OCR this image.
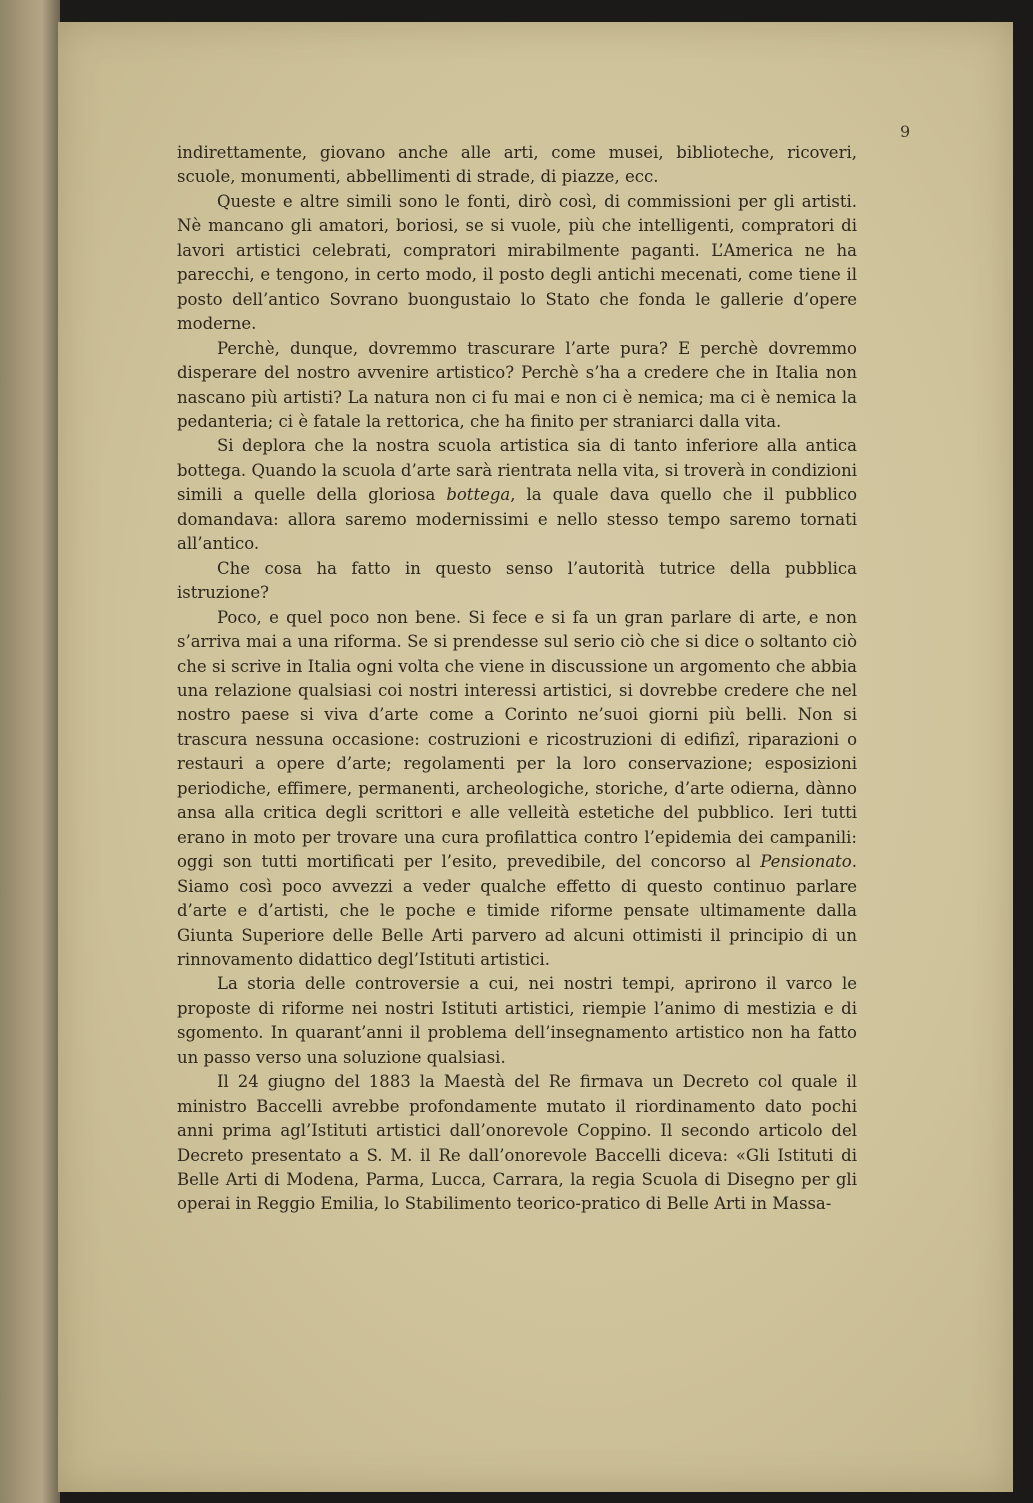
9

indirettamente, giovano anche alle arti, come musei, biblioteche, ricoveri, scuole, monumenti, abbellimenti di strade, di piazze, ecc.

Queste e altre simili sono le fonti, dirò così, di commissioni per gli artisti. Nè mancano gli amatori, boriosi, se si vuole, più che intelligenti, compratori di lavori artistici celebrati, compratori mirabilmente paganti. L’America ne ha parecchi, e tengono, in certo modo, il posto degli antichi mecenati, come tiene il posto dell’antico Sovrano buongustaio lo Stato che fonda le gallerie d’opere moderne.

Perchè, dunque, dovremmo trascurare l’arte pura? E perchè dovremmo disperare del nostro avvenire artistico? Perchè s’ha a credere che in Italia non nascano più artisti? La natura non ci fu mai e non ci è nemica; ma ci è nemica la pedanteria; ci è fatale la rettorica, che ha finito per straniarci dalla vita.

Si deplora che la nostra scuola artistica sia di tanto inferiore alla antica bottega. Quando la scuola d’arte sarà rientrata nella vita, si troverà in condizioni simili a quelle della gloriosa bottega, la quale dava quello che il pubblico domandava: allora saremo modernissimi e nello stesso tempo saremo tornati all’antico.

Che cosa ha fatto in questo senso l’autorità tutrice della pubblica istruzione?

Poco, e quel poco non bene. Si fece e si fa un gran parlare di arte, e non s’arriva mai a una riforma. Se si prendesse sul serio ciò che si dice o soltanto ciò che si scrive in Italia ogni volta che viene in discussione un argomento che abbia una relazione qualsiasi coi nostri interessi artistici, si dovrebbe credere che nel nostro paese si viva d’arte come a Corinto ne’suoi giorni più belli. Non si trascura nessuna occasione: costruzioni e ricostruzioni di edifizî, riparazioni o restauri a opere d’arte; regolamenti per la loro conservazione; esposizioni periodiche, effimere, permanenti, archeologiche, storiche, d’arte odierna, dànno ansa alla critica degli scrittori e alle velleità estetiche del pubblico. Ieri tutti erano in moto per trovare una cura profilattica contro l’epidemia dei campanili: oggi son tutti mortificati per l’esito, prevedibile, del concorso al Pensionato. Siamo così poco avvezzi a veder qualche effetto di questo continuo parlare d’arte e d’artisti, che le poche e timide riforme pensate ultimamente dalla Giunta Superiore delle Belle Arti parvero ad alcuni ottimisti il principio di un rinnovamento didattico degl’Istituti artistici.

La storia delle controversie a cui, nei nostri tempi, aprirono il varco le proposte di riforme nei nostri Istituti artistici, riempie l’animo di mestizia e di sgomento. In quarant’anni il problema dell’insegnamento artistico non ha fatto un passo verso una soluzione qualsiasi.

Il 24 giugno del 1883 la Maestà del Re firmava un Decreto col quale il ministro Baccelli avrebbe profondamente mutato il riordinamento dato pochi anni prima agl’Istituti artistici dall’onorevole Coppino. Il secondo articolo del Decreto presentato a S. M. il Re dall’onorevole Baccelli diceva: «Gli Istituti di Belle Arti di Modena, Parma, Lucca, Carrara, la regia Scuola di Disegno per gli operai in Reggio Emilia, lo Stabilimento teorico-pratico di Belle Arti in Massa-
